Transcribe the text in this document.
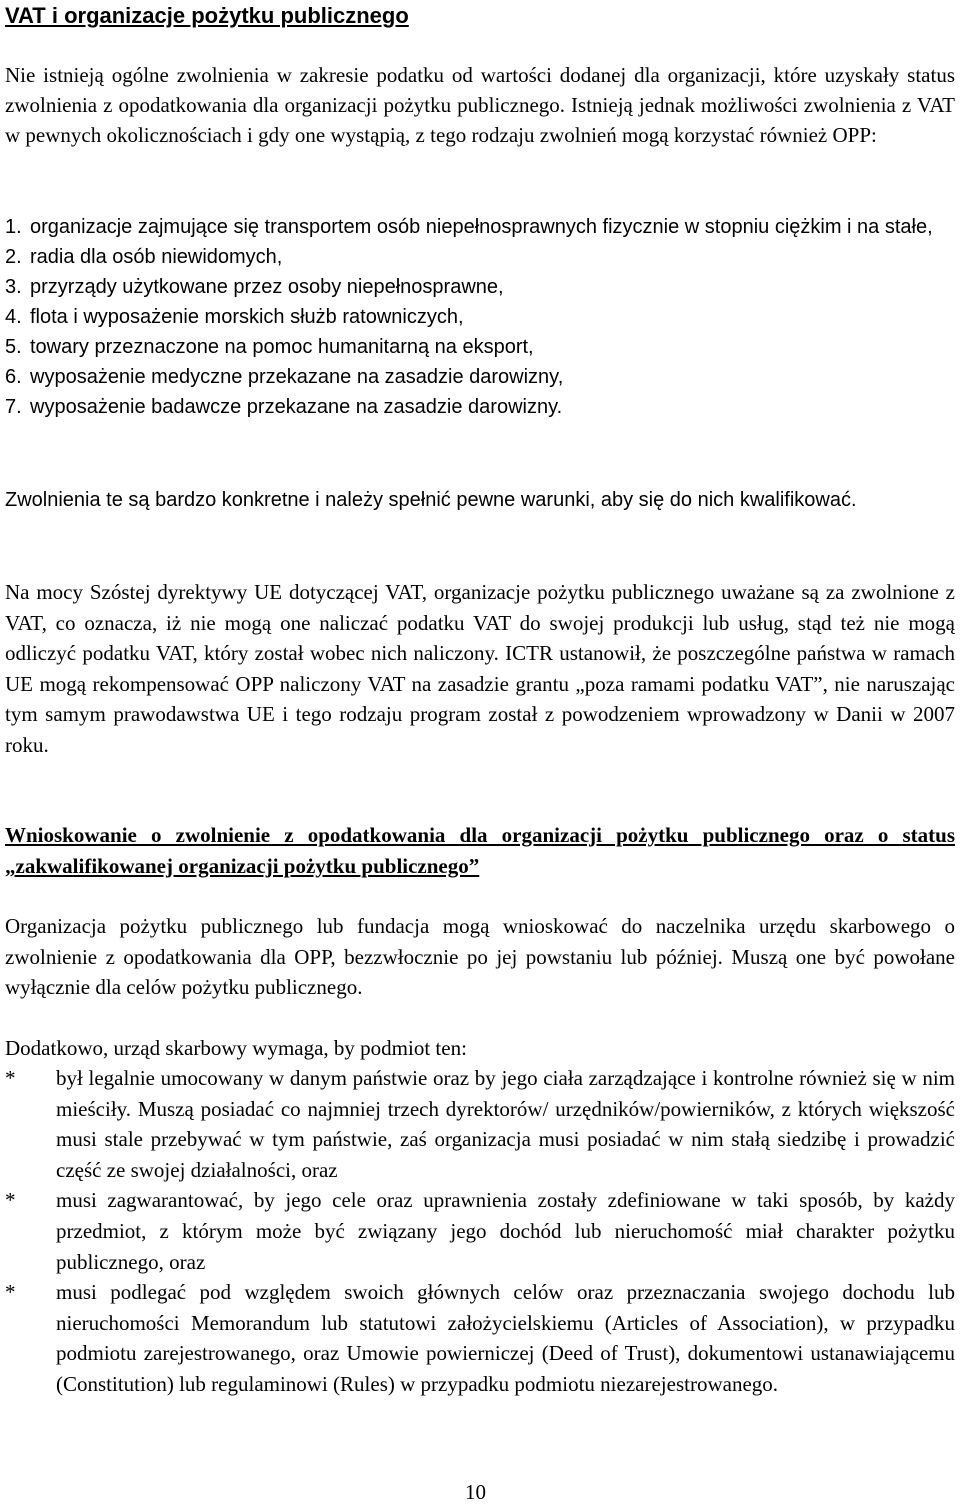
VAT i organizacje pożytku publicznego
Nie istnieją ogólne zwolnienia w zakresie podatku od wartości dodanej dla organizacji, które uzyskały status zwolnienia z opodatkowania dla organizacji pożytku publicznego. Istnieją jednak możliwości zwolnienia z VAT w pewnych okolicznościach i gdy one wystąpią, z tego rodzaju zwolnień mogą korzystać również OPP:
1. organizacje zajmujące się transportem osób niepełnosprawnych fizycznie w stopniu ciężkim i na stałe,
2. radia dla osób niewidomych,
3. przyrządy użytkowane przez osoby niepełnosprawne,
4. flota i wyposażenie morskich służb ratowniczych,
5. towary przeznaczone na pomoc humanitarną na eksport,
6. wyposażenie medyczne przekazane na zasadzie darowizny,
7. wyposażenie badawcze przekazane na zasadzie darowizny.
Zwolnienia te są bardzo konkretne i należy spełnić pewne warunki, aby się do nich kwalifikować.
Na mocy Szóstej dyrektywy UE dotyczącej VAT, organizacje pożytku publicznego uważane są za zwolnione z VAT, co oznacza, iż nie mogą one naliczać podatku VAT do swojej produkcji lub usług, stąd też nie mogą odliczyć podatku VAT, który został wobec nich naliczony. ICTR ustanowił, że poszczególne państwa w ramach UE mogą rekompensować OPP naliczony VAT na zasadzie grantu „poza ramami podatku VAT”, nie naruszając tym samym prawodawstwa UE i tego rodzaju program został z powodzeniem wprowadzony w Danii w 2007 roku.
Wnioskowanie o zwolnienie z opodatkowania dla organizacji pożytku publicznego oraz o status „zakwalifikowanej organizacji pożytku publicznego”
Organizacja pożytku publicznego lub fundacja mogą wnioskować do naczelnika urzędu skarbowego o zwolnienie z opodatkowania dla OPP, bezzwłocznie po jej powstaniu lub później. Muszą one być powołane wyłącznie dla celów pożytku publicznego.
Dodatkowo, urząd skarbowy wymaga, by podmiot ten:
* był legalnie umocowany w danym państwie oraz by jego ciała zarządzające i kontrolne również się w nim mieściły. Muszą posiadać co najmniej trzech dyrektorów/ urzędników/powierników, z których większość musi stale przebywać w tym państwie, zaś organizacja musi posiadać w nim stałą siedzibę i prowadzić część ze swojej działalności, oraz
* musi zagwarantować, by jego cele oraz uprawnienia zostały zdefiniowane w taki sposób, by każdy przedmiot, z którym może być związany jego dochód lub nieruchomość miał charakter pożytku publicznego, oraz
* musi podlegać pod względem swoich głównych celów oraz przeznaczania swojego dochodu lub nieruchomości Memorandum lub statutowi założycielskiemu (Articles of Association), w przypadku podmiotu zarejestrowanego, oraz Umowie powierniczej (Deed of Trust), dokumentowi ustanawiającemu (Constitution) lub regulaminowi (Rules) w przypadku podmiotu niezarejestrowanego.
10
